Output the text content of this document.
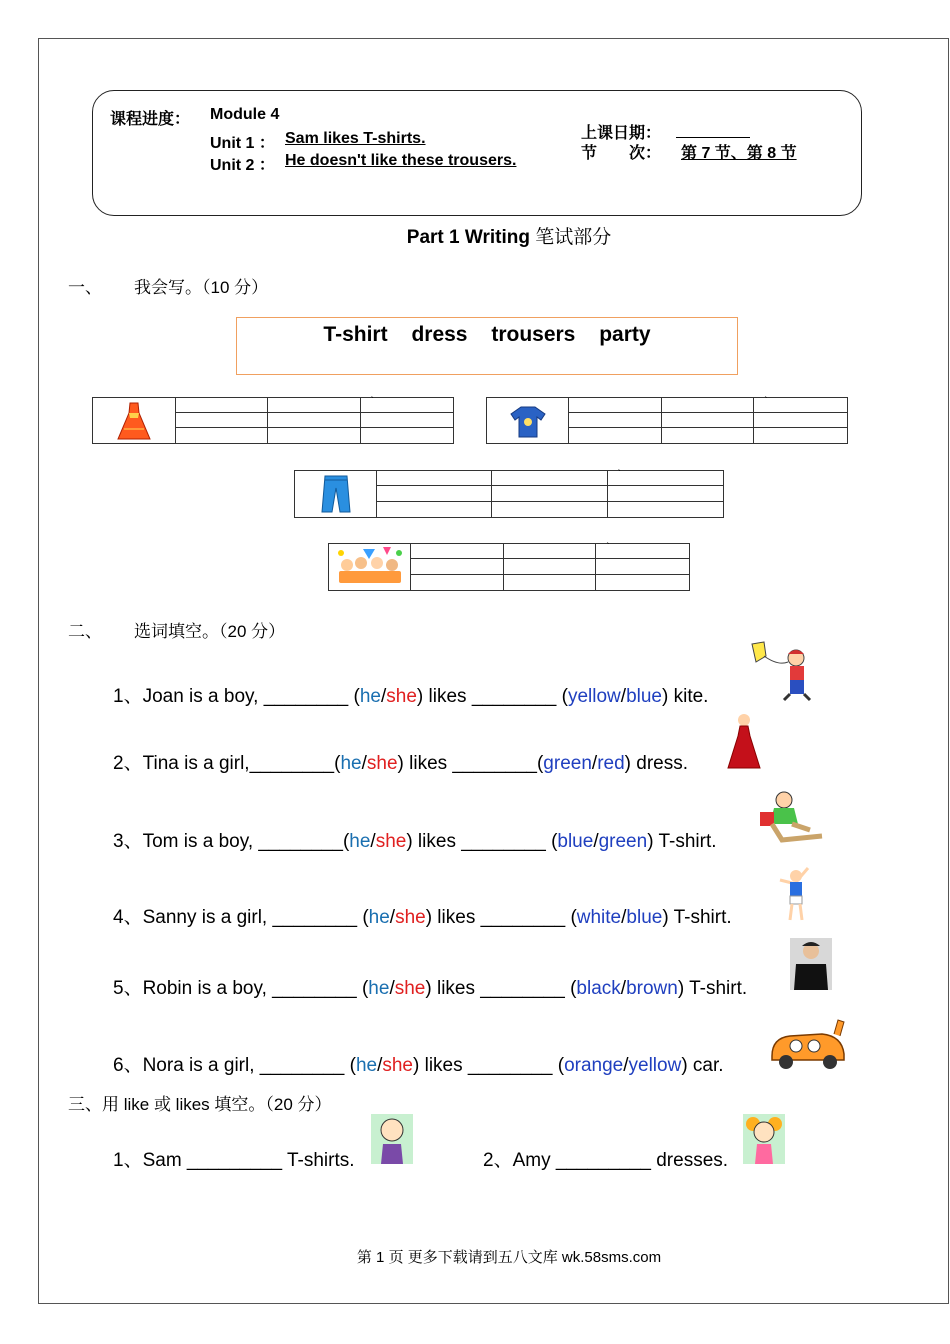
课程进度： Module 4
Unit 1 ： Sam likes T-shirts.
Unit 2 ： He doesn't like these trousers.
上课日期：
节　　次： 第 7 节、第 8 节
Part 1 Writing 笔试部分
一、 我会写。（10 分）
T-shirt dress trousers party
`	`
`
`
二、 选词填空。（20 分）
1、Joan is a boy, ________ (he/she) likes ________ (yellow/blue) kite.
2、Tina is a girl,________(he/she) likes ________(green/red) dress.
3、Tom is a boy, ________(he/she) likes ________ (blue/green) T-shirt.
4、Sanny is a girl, ________ (he/she) likes ________ (white/blue) T-shirt.
5、Robin is a boy, ________ (he/she) likes ________ (black/brown) T-shirt.
6、Nora is a girl, ________ (he/she) likes ________ (orange/yellow) car.
三、用 like 或 likes 填空。（20 分）
1、Sam _________ T-shirts.	2、Amy _________ dresses.
第 1 页 更多下载请到五八文库 wk.58sms.com
